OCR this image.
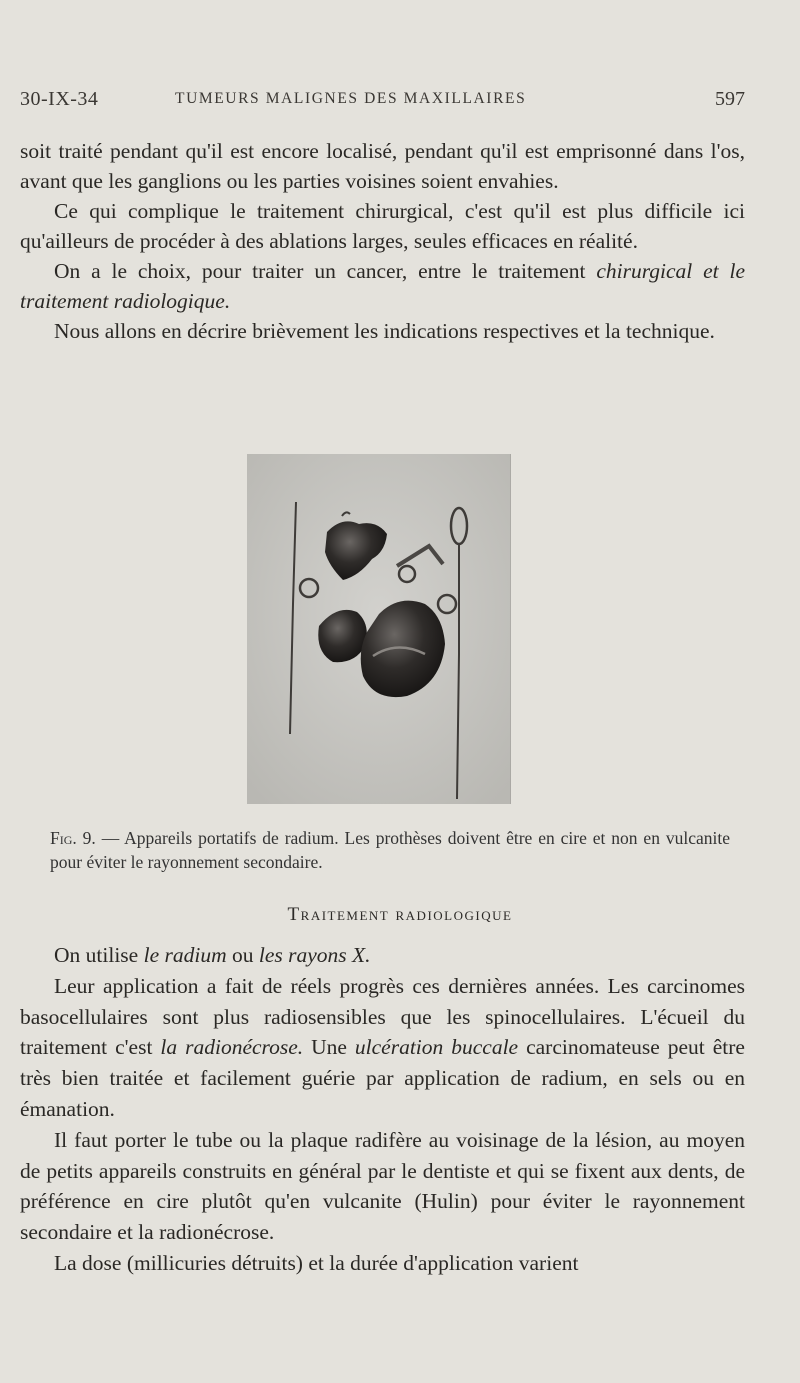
30-IX-34	TUMEURS MALIGNES DES MAXILLAIRES	597
soit traité pendant qu'il est encore localisé, pendant qu'il est emprisonné dans l'os, avant que les ganglions ou les parties voisines soient envahies.
Ce qui complique le traitement chirurgical, c'est qu'il est plus difficile ici qu'ailleurs de procéder à des ablations larges, seules efficaces en réalité.
On a le choix, pour traiter un cancer, entre le traitement chirurgical et le traitement radiologique.
Nous allons en décrire brièvement les indications respectives et la technique.
Fig. 9. — Appareils portatifs de radium. Les prothèses doivent être en cire et non en vulcanite pour éviter le rayonnement secondaire.
Traitement radiologique
On utilise le radium ou les rayons X.
Leur application a fait de réels progrès ces dernières années. Les carcinomes basocellulaires sont plus radiosensibles que les spinocellulaires. L'écueil du traitement c'est la radionécrose. Une ulcération buccale carcinomateuse peut être très bien traitée et facilement guérie par application de radium, en sels ou en émanation.
Il faut porter le tube ou la plaque radifère au voisinage de la lésion, au moyen de petits appareils construits en général par le dentiste et qui se fixent aux dents, de préférence en cire plutôt qu'en vulcanite (Hulin) pour éviter le rayonnement secondaire et la radionécrose.
La dose (millicuries détruits) et la durée d'application varient
